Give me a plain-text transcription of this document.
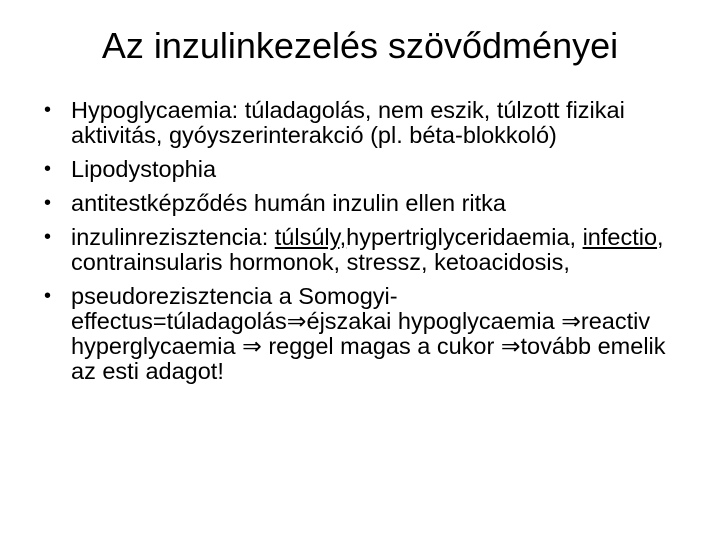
Az inzulinkezelés szövődményei
• Hypoglycaemia: túladagolás, nem eszik, túlzott fizikai aktivitás, gyóyszerinterakció (pl. béta-blokkoló)
• Lipodystophia
• antitestképződés humán inzulin ellen ritka
• inzulinrezisztencia: túlsúly,hypertriglyceridaemia, infectio, contrainsularis hormonok, stressz, ketoacidosis,
• pseudorezisztencia a Somogyi-effectus=túladagolás⇒éjszakai hypoglycaemia ⇒reactiv hyperglycaemia ⇒ reggel magas a cukor ⇒tovább emelik az esti adagot!
